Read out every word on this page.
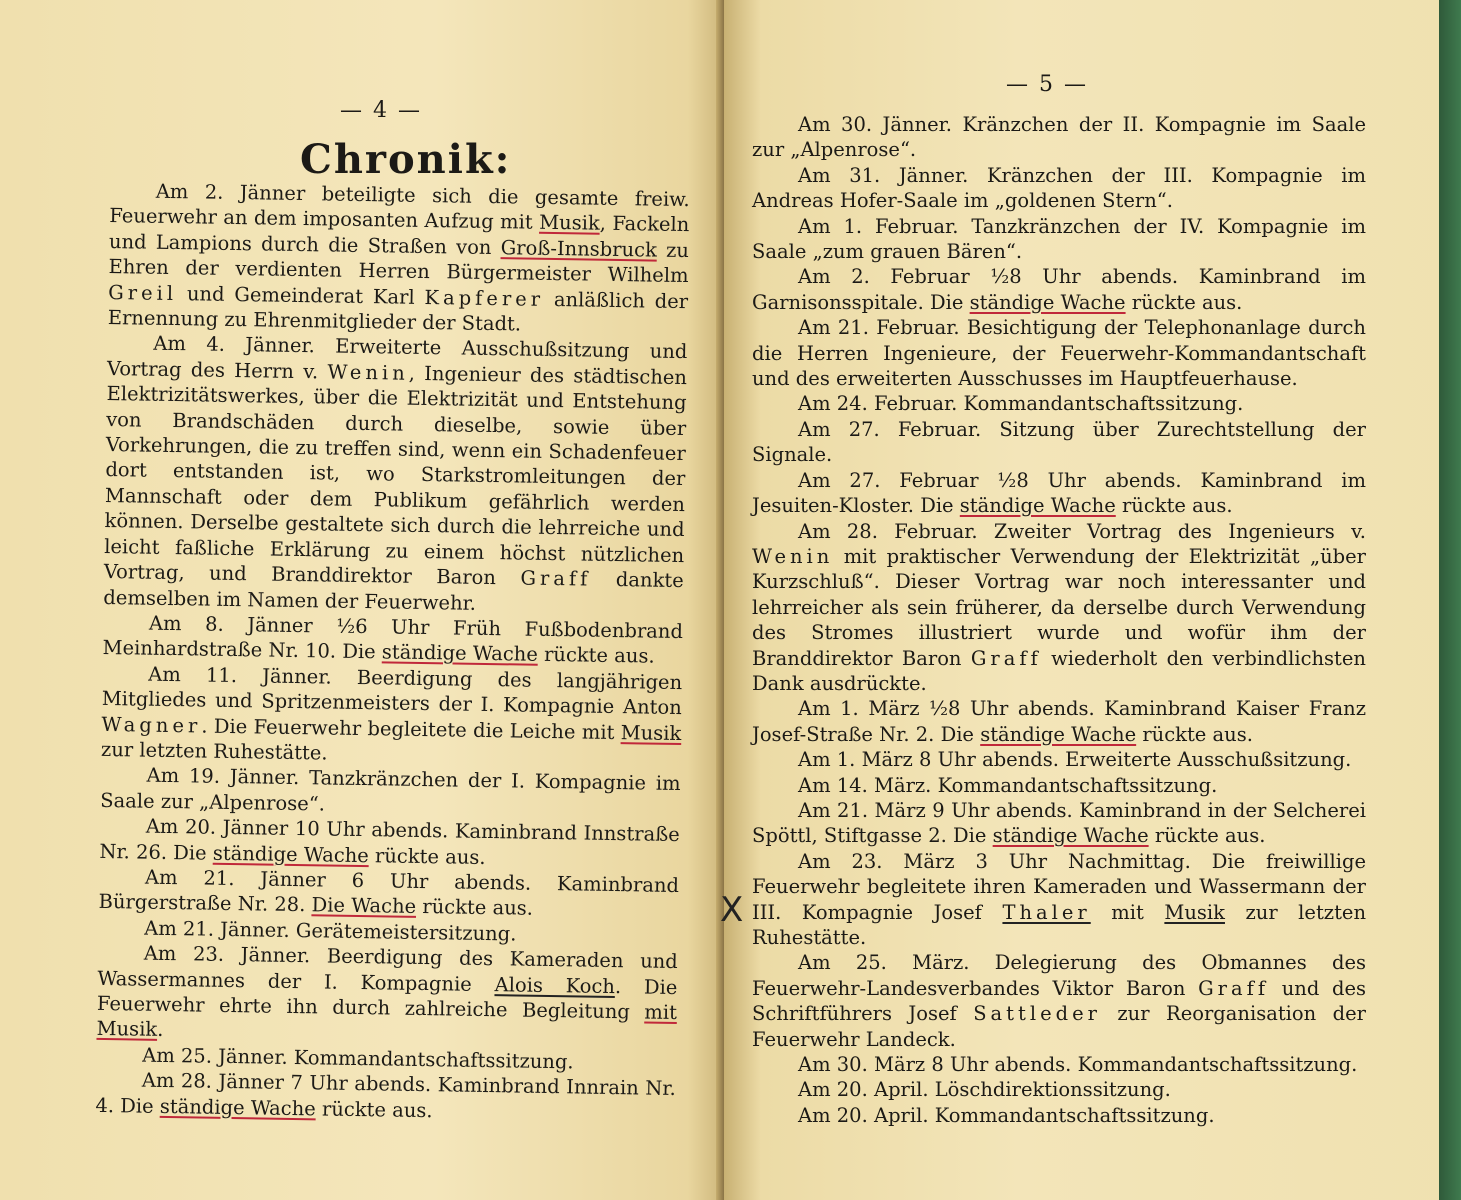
— 4 —
Chronik:

Am 2. Jänner beteiligte sich die gesamte freiw. Feuerwehr an dem imposanten Aufzug mit Musik, Fackeln und Lampions durch die Straßen von Groß-Innsbruck zu Ehren der verdienten Herren Bürgermeister Wilhelm Greil und Gemeinderat Karl Kapferer anläßlich der Ernennung zu Ehrenmitglieder der Stadt.

Am 4. Jänner. Erweiterte Ausschußsitzung und Vortrag des Herrn v. Wenin, Ingenieur des städtischen Elektrizitätswerkes, über die Elektrizität und Entstehung von Brandschäden durch dieselbe, sowie über Vorkehrungen, die zu treffen sind, wenn ein Schadenfeuer dort entstanden ist, wo Starkstromleitungen der Mannschaft oder dem Publikum gefährlich werden können. Derselbe gestaltete sich durch die lehrreiche und leicht faßliche Erklärung zu einem höchst nützlichen Vortrag, und Branddirektor Baron Graff dankte demselben im Namen der Feuerwehr.

Am 8. Jänner ½6 Uhr Früh Fußbodenbrand Meinhardstraße Nr. 10. Die ständige Wache rückte aus.

Am 11. Jänner. Beerdigung des langjährigen Mitgliedes und Spritzenmeisters der I. Kompagnie Anton Wagner. Die Feuerwehr begleitete die Leiche mit Musik zur letzten Ruhestätte.

Am 19. Jänner. Tanzkränzchen der I. Kompagnie im Saale zur „Alpenrose“.

Am 20. Jänner 10 Uhr abends. Kaminbrand Innstraße Nr. 26. Die ständige Wache rückte aus.

Am 21. Jänner 6 Uhr abends. Kaminbrand Bürgerstraße Nr. 28. Die Wache rückte aus.

Am 21. Jänner. Gerätemeistersitzung.

Am 23. Jänner. Beerdigung des Kameraden und Wassermannes der I. Kompagnie Alois Koch. Die Feuerwehr ehrte ihn durch zahlreiche Begleitung mit Musik.

Am 25. Jänner. Kommandantschaftssitzung.

Am 28. Jänner 7 Uhr abends. Kaminbrand Innrain Nr. 4. Die ständige Wache rückte aus.

— 5 —

Am 30. Jänner. Kränzchen der II. Kompagnie im Saale zur „Alpenrose“.

Am 31. Jänner. Kränzchen der III. Kompagnie im Andreas Hofer-Saale im „goldenen Stern“.

Am 1. Februar. Tanzkränzchen der IV. Kompagnie im Saale „zum grauen Bären“.

Am 2. Februar ½8 Uhr abends. Kaminbrand im Garnisonsspitale. Die ständige Wache rückte aus.

Am 21. Februar. Besichtigung der Telephonanlage durch die Herren Ingenieure, der Feuerwehr-Kommandantschaft und des erweiterten Ausschusses im Hauptfeuerhause.

Am 24. Februar. Kommandantschaftssitzung.

Am 27. Februar. Sitzung über Zurechtstellung der Signale.

Am 27. Februar ½8 Uhr abends. Kaminbrand im Jesuiten-Kloster. Die ständige Wache rückte aus.

Am 28. Februar. Zweiter Vortrag des Ingenieurs v. Wenin mit praktischer Verwendung der Elektrizität „über Kurzschluß“. Dieser Vortrag war noch interessanter und lehrreicher als sein früherer, da derselbe durch Verwendung des Stromes illustriert wurde und wofür ihm der Branddirektor Baron Graff wiederholt den verbindlichsten Dank ausdrückte.

Am 1. März ½8 Uhr abends. Kaminbrand Kaiser Franz Josef-Straße Nr. 2. Die ständige Wache rückte aus.

Am 1. März 8 Uhr abends. Erweiterte Ausschußsitzung.

Am 14. März. Kommandantschaftssitzung.

Am 21. März 9 Uhr abends. Kaminbrand in der Selcherei Spöttl, Stiftgasse 2. Die ständige Wache rückte aus.

Am 23. März 3 Uhr Nachmittag. Die freiwillige Feuerwehr begleitete ihren Kameraden und Wassermann der III. Kompagnie Josef Thaler mit Musik zur letzten Ruhestätte.

Am 25. März. Delegierung des Obmannes des Feuerwehr-Landesverbandes Viktor Baron Graff und des Schriftführers Josef Sattleder zur Reorganisation der Feuerwehr Landeck.

Am 30. März 8 Uhr abends. Kommandantschaftssitzung.

Am 20. April. Löschdirektionssitzung.

Am 20. April. Kommandantschaftssitzung.

X
